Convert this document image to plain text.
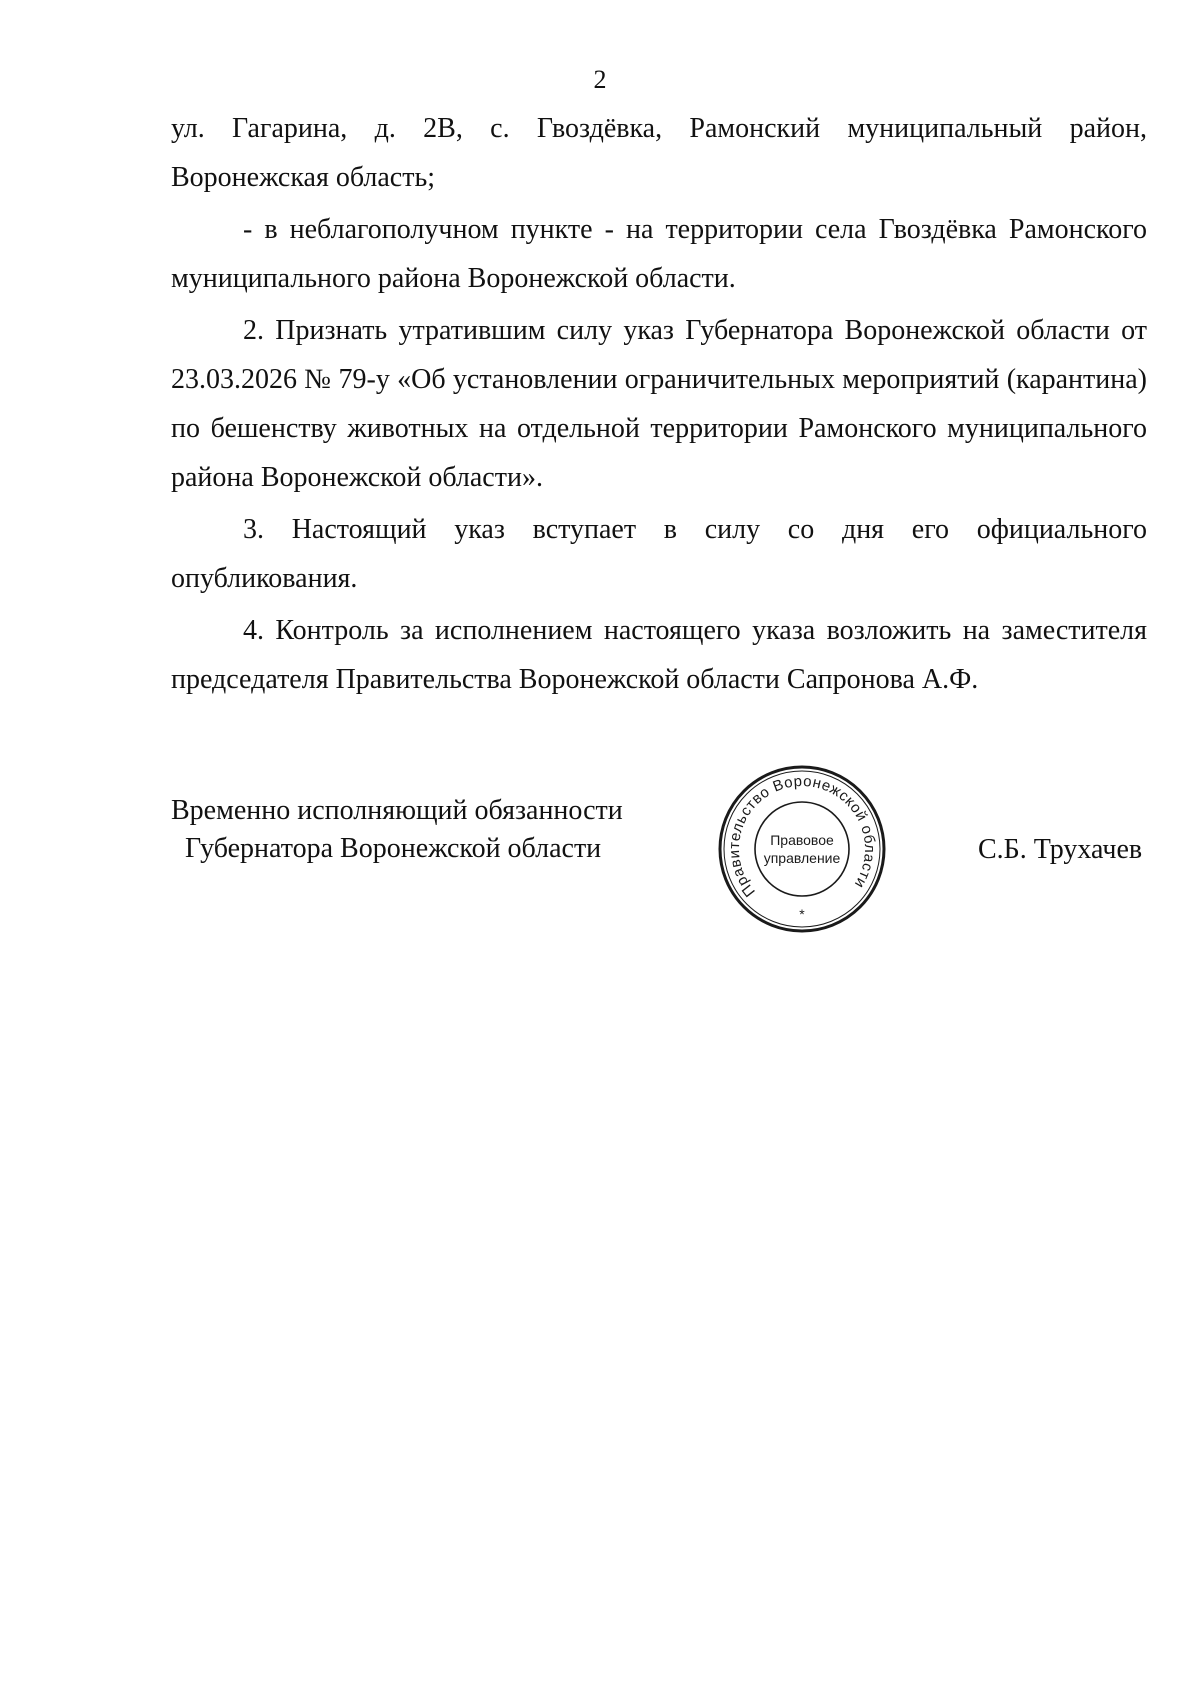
2

ул. Гагарина, д. 2В, с. Гвоздёвка, Рамонский муниципальный район, Воронежская область;

- в неблагополучном пункте - на территории села Гвоздёвка Рамонского муниципального района Воронежской области.

2. Признать утратившим силу указ Губернатора Воронежской области от 23.03.2026 № 79-у «Об установлении ограничительных мероприятий (карантина) по бешенству животных на отдельной территории Рамонского муниципального района Воронежской области».

3. Настоящий указ вступает в силу со дня его официального опубликования.

4. Контроль за исполнением настоящего указа возложить на заместителя председателя Правительства Воронежской области Сапронова А.Ф.

Временно исполняющий обязанности
Губернатора Воронежской области
Правительство Воронежской области
Правовое
управление
*
С.Б. Трухачев
